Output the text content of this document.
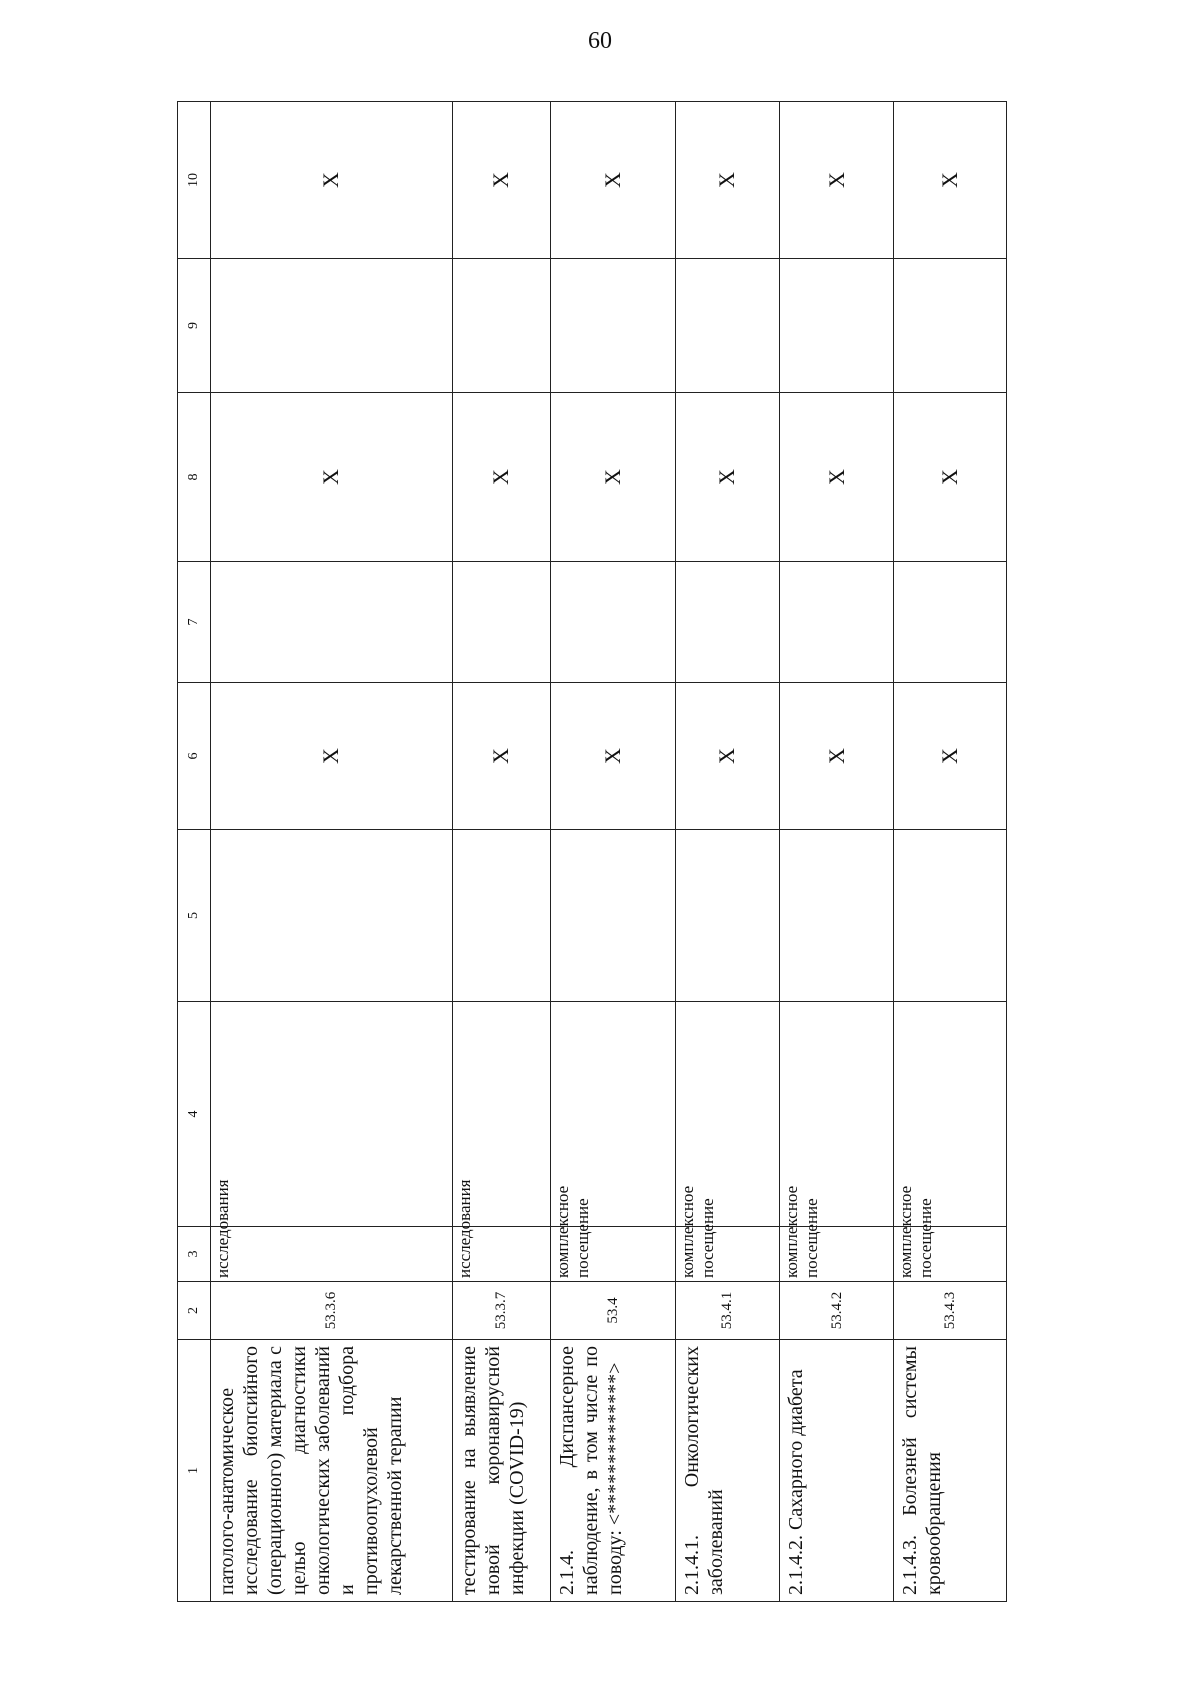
60
1	2	3	4	5	6	7	8	9	10
патолого-анатомическое исследование биопсийного (операционного) материала с целью диагностики онкологических заболеваний и подбора противоопухолевой лекарственной терапии	53.3.6	исследования			X		X		X
тестирование на выявление новой коронавирусной инфекции (COVID-19)	53.3.7	исследования			X		X		X
2.1.4. Диспансерное наблюдение, в том числе по поводу: <**************>	53.4	комплексное посещение			X		X		X
2.1.4.1. Онкологических заболеваний	53.4.1	комплексное посещение			X		X		X
2.1.4.2. Сахарного диабета	53.4.2	комплексное посещение			X		X		X
2.1.4.3. Болезней системы кровообращения	53.4.3	комплексное посещение			X		X		X
